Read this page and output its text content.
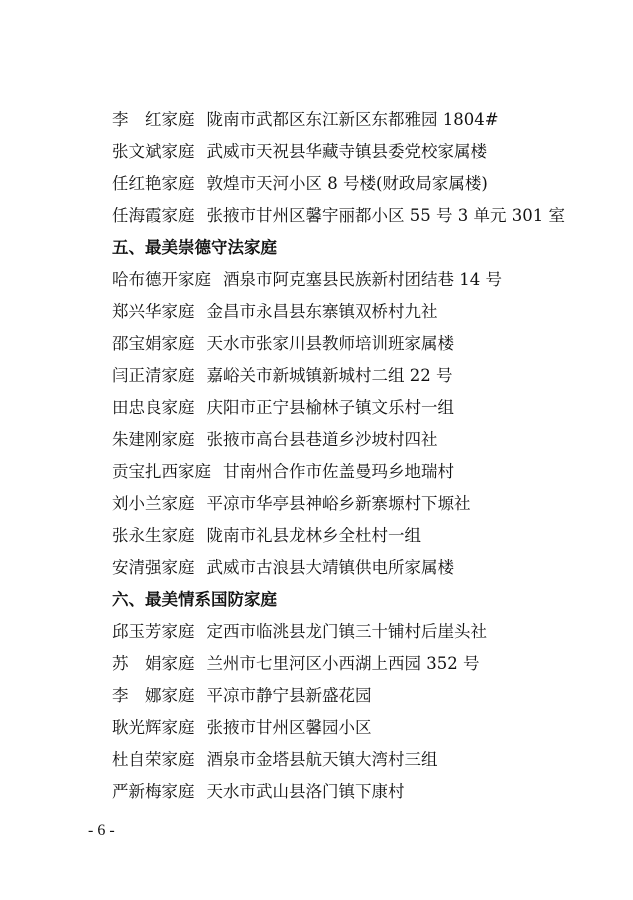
李　红家庭 陇南市武都区东江新区东都雅园 1804#
张文斌家庭 武威市天祝县华藏寺镇县委党校家属楼
任红艳家庭 敦煌市天河小区 8 号楼(财政局家属楼)
任海霞家庭 张掖市甘州区馨宇丽都小区 55 号 3 单元 301 室
五、最美崇德守法家庭
哈布德开家庭 酒泉市阿克塞县民族新村团结巷 14 号
郑兴华家庭 金昌市永昌县东寨镇双桥村九社
邵宝娟家庭 天水市张家川县教师培训班家属楼
闫正清家庭 嘉峪关市新城镇新城村二组 22 号
田忠良家庭 庆阳市正宁县榆林子镇文乐村一组
朱建刚家庭 张掖市高台县巷道乡沙坡村四社
贡宝扎西家庭 甘南州合作市佐盖曼玛乡地瑞村
刘小兰家庭 平凉市华亭县神峪乡新寨塬村下塬社
张永生家庭 陇南市礼县龙林乡全杜村一组
安清强家庭 武威市古浪县大靖镇供电所家属楼
六、最美情系国防家庭
邱玉芳家庭 定西市临洮县龙门镇三十铺村后崖头社
苏　娟家庭 兰州市七里河区小西湖上西园 352 号
李　娜家庭 平凉市静宁县新盛花园
耿光辉家庭 张掖市甘州区馨园小区
杜自荣家庭 酒泉市金塔县航天镇大湾村三组
严新梅家庭 天水市武山县洛门镇下康村
- 6 -
